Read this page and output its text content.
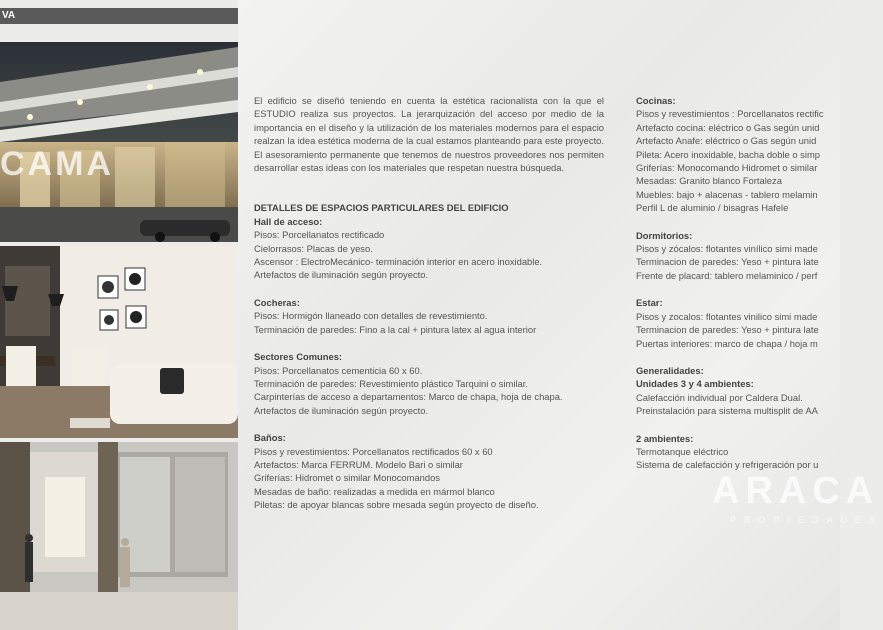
VA
CAMA

El edificio se diseñó teniendo en cuenta la estética racionalista con la que el ESTUDIO realiza sus proyectos. La jerarquización del acceso por medio de la importancia en el diseño y la utilización de los materiales modernos para el espacio realzan la idea estética moderna de la cual estamos planteando para este proyecto. El asesoramiento permanente que tenemos de nuestros proveedores nos permiten desarrollar estas ideas con los materiales que respetan nuestra búsqueda.

DETALLES DE ESPACIOS PARTICULARES DEL EDIFICIO

Hall de acceso:

Pisos: Porcellanatos rectificado

Cielorrasos: Placas de yeso.

Ascensor : ElectroMecánico- terminación interior en acero inoxidable.

Artefactos de iluminación según proyecto.

Cocheras:

Pisos: Hormigón llaneado con detalles de revestimiento.

Terminación de paredes: Fino a la cal + pintura latex al agua interior

Sectores Comunes:

Pisos: Porcellanatos cementicia 60 x 60.

Terminación de paredes: Revestimiento plástico Tarquini o similar.

Carpinterías de acceso a departamentos: Marco de chapa, hoja de chapa.

Artefactos de iluminación según proyecto.

Baños:

Pisos y revestimientos: Porcellanatos rectificados 60 x 60

Artefactos: Marca FERRUM. Modelo Bari o similar

Griferías: Hidromet o similar Monocomandos

Mesadas de baño: realizadas a medida en mármol blanco

Piletas: de apoyar blancas sobre mesada según proyecto de diseño.

Cocinas:

Pisos y revestimientos : Porcellanatos rectific

Artefacto cocina: eléctrico o Gas según unid

Artefacto Anafe: eléctrico o Gas según unid

Pileta: Acero inoxidable, bacha doble o simp

Griferías: Monocomando Hidromet o similar

Mesadas: Granito blanco Fortaleza

Muebles: bajo + alacenas - tablero melamin

Perfil L de aluminio / bisagras Hafele

Dormitorios:

Pisos y zócalos: flotantes vinílico simi made

Terminacion de paredes: Yeso + pintura late

Frente de placard: tablero melaminico / perf

Estar:

Pisos y zocalos: flotantes vinilico simi made

Terminacion de paredes: Yeso + pintura late

Puertas interiores: marco de chapa / hoja m

Generalidades:

Unidades 3 y 4 ambientes:

Calefacción individual por Caldera Dual.

Preinstalación para sistema multisplit de AA

2 ambientes:

Termotanque eléctrico

Sistema de calefacción y refrigeración por u

ARACA
PROPIEDADES
